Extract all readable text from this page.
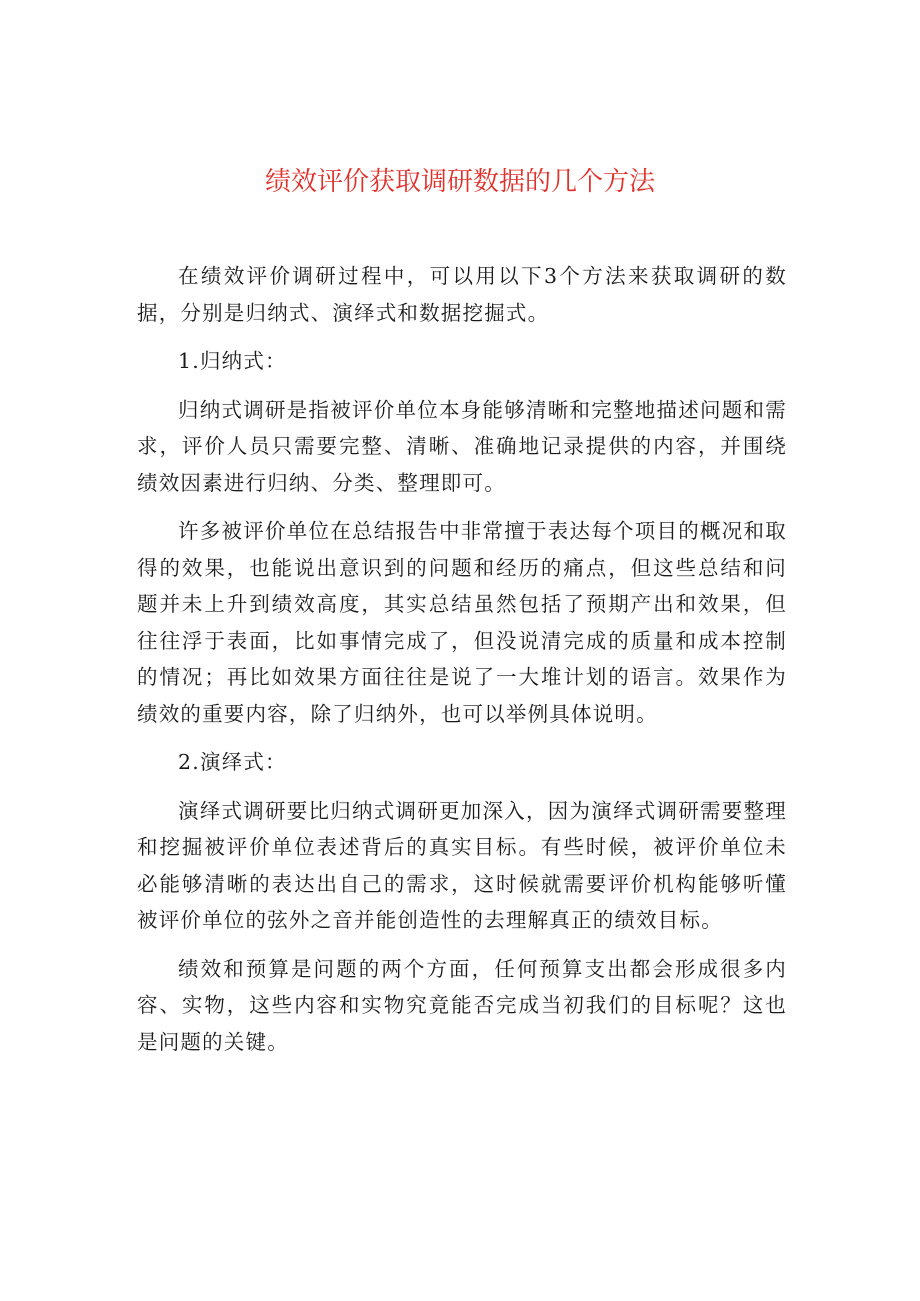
绩效评价获取调研数据的几个方法

在绩效评价调研过程中，可以用以下3个方法来获取调研的数据，分别是归纳式、演绎式和数据挖掘式。

1.归纳式：

归纳式调研是指被评价单位本身能够清晰和完整地描述问题和需求，评价人员只需要完整、清晰、准确地记录提供的内容，并围绕绩效因素进行归纳、分类、整理即可。

许多被评价单位在总结报告中非常擅于表达每个项目的概况和取得的效果，也能说出意识到的问题和经历的痛点，但这些总结和问题并未上升到绩效高度，其实总结虽然包括了预期产出和效果，但往往浮于表面，比如事情完成了，但没说清完成的质量和成本控制的情况；再比如效果方面往往是说了一大堆计划的语言。效果作为绩效的重要内容，除了归纳外，也可以举例具体说明。

2.演绎式：

演绎式调研要比归纳式调研更加深入，因为演绎式调研需要整理和挖掘被评价单位表述背后的真实目标。有些时候，被评价单位未必能够清晰的表达出自己的需求，这时候就需要评价机构能够听懂被评价单位的弦外之音并能创造性的去理解真正的绩效目标。

绩效和预算是问题的两个方面，任何预算支出都会形成很多内容、实物，这些内容和实物究竟能否完成当初我们的目标呢？这也是问题的关键。
